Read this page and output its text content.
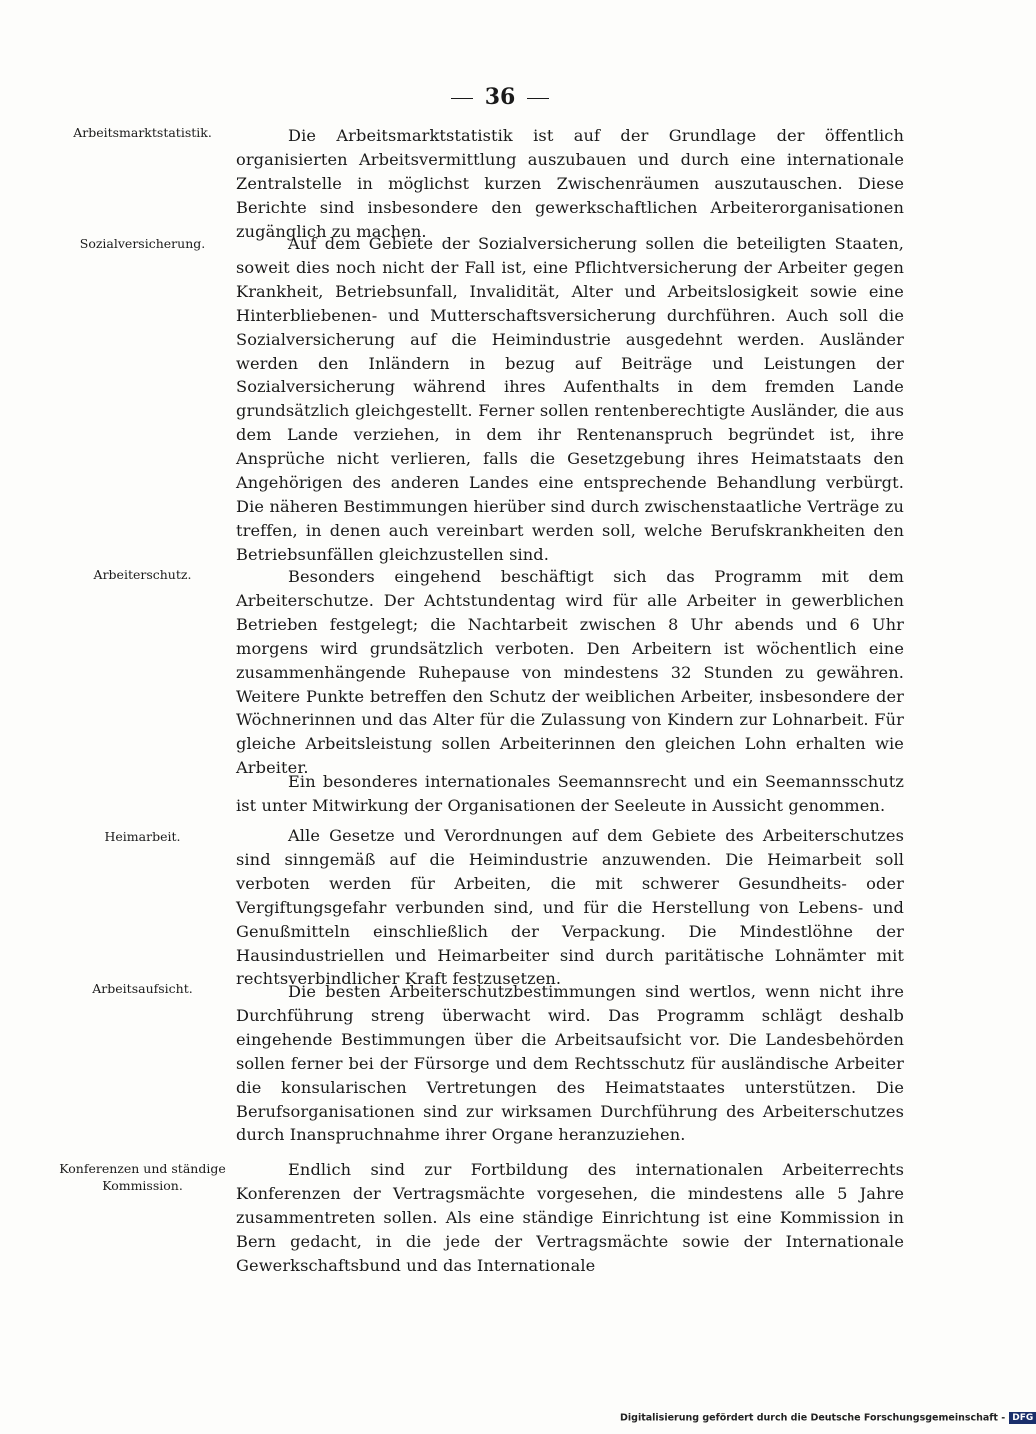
36
Arbeitsmarktstatistik.	Die Arbeitsmarktstatistik ist auf der Grundlage der öffentlich organisierten Arbeitsvermittlung auszubauen und durch eine internationale Zentralstelle in möglichst kurzen Zwischenräumen auszutauschen. Diese Berichte sind insbesondere den gewerkschaftlichen Arbeiterorganisationen zugänglich zu machen.
Sozialversicherung.	Auf dem Gebiete der Sozialversicherung sollen die beteiligten Staaten, soweit dies noch nicht der Fall ist, eine Pflichtversicherung der Arbeiter gegen Krankheit, Betriebsunfall, Invalidität, Alter und Arbeitslosigkeit sowie eine Hinterbliebenen- und Mutterschaftsversicherung durchführen. Auch soll die Sozialversicherung auf die Heimindustrie ausgedehnt werden. Ausländer werden den Inländern in bezug auf Beiträge und Leistungen der Sozialversicherung während ihres Aufenthalts in dem fremden Lande grundsätzlich gleichgestellt. Ferner sollen rentenberechtigte Ausländer, die aus dem Lande verziehen, in dem ihr Rentenanspruch begründet ist, ihre Ansprüche nicht verlieren, falls die Gesetzgebung ihres Heimatstaats den Angehörigen des anderen Landes eine entsprechende Behandlung verbürgt. Die näheren Bestimmungen hierüber sind durch zwischenstaatliche Verträge zu treffen, in denen auch vereinbart werden soll, welche Berufskrankheiten den Betriebsunfällen gleichzustellen sind.
Arbeiterschutz.	Besonders eingehend beschäftigt sich das Programm mit dem Arbeiterschutze. Der Achtstundentag wird für alle Arbeiter in gewerblichen Betrieben festgelegt; die Nachtarbeit zwischen 8 Uhr abends und 6 Uhr morgens wird grundsätzlich verboten. Den Arbeitern ist wöchentlich eine zusammenhängende Ruhepause von mindestens 32 Stunden zu gewähren. Weitere Punkte betreffen den Schutz der weiblichen Arbeiter, insbesondere der Wöchnerinnen und das Alter für die Zulassung von Kindern zur Lohnarbeit. Für gleiche Arbeitsleistung sollen Arbeiterinnen den gleichen Lohn erhalten wie Arbeiter.
Ein besonderes internationales Seemannsrecht und ein Seemannsschutz ist unter Mitwirkung der Organisationen der Seeleute in Aussicht genommen.
Heimarbeit.	Alle Gesetze und Verordnungen auf dem Gebiete des Arbeiterschutzes sind sinngemäß auf die Heimindustrie anzuwenden. Die Heimarbeit soll verboten werden für Arbeiten, die mit schwerer Gesundheits- oder Vergiftungsgefahr verbunden sind, und für die Herstellung von Lebens- und Genußmitteln einschließlich der Verpackung. Die Mindestlöhne der Hausindustriellen und Heimarbeiter sind durch paritätische Lohnämter mit rechtsverbindlicher Kraft festzusetzen.
Arbeitsaufsicht.	Die besten Arbeiterschutzbestimmungen sind wertlos, wenn nicht ihre Durchführung streng überwacht wird. Das Programm schlägt deshalb eingehende Bestimmungen über die Arbeitsaufsicht vor. Die Landesbehörden sollen ferner bei der Fürsorge und dem Rechtsschutz für ausländische Arbeiter die konsularischen Vertretungen des Heimatstaates unterstützen. Die Berufsorganisationen sind zur wirksamen Durchführung des Arbeiterschutzes durch Inanspruchnahme ihrer Organe heranzuziehen.
Konferenzen und ständige Kommission.
Endlich sind zur Fortbildung des internationalen Arbeiterrechts Konferenzen der Vertragsmächte vorgesehen, die mindestens alle 5 Jahre zusammentreten sollen. Als eine ständige Einrichtung ist eine Kommission in Bern gedacht, in die jede der Vertragsmächte sowie der Internationale Gewerkschaftsbund und das Internationale
Digitalisierung gefördert durch die Deutsche Forschungsgemeinschaft - DFG
